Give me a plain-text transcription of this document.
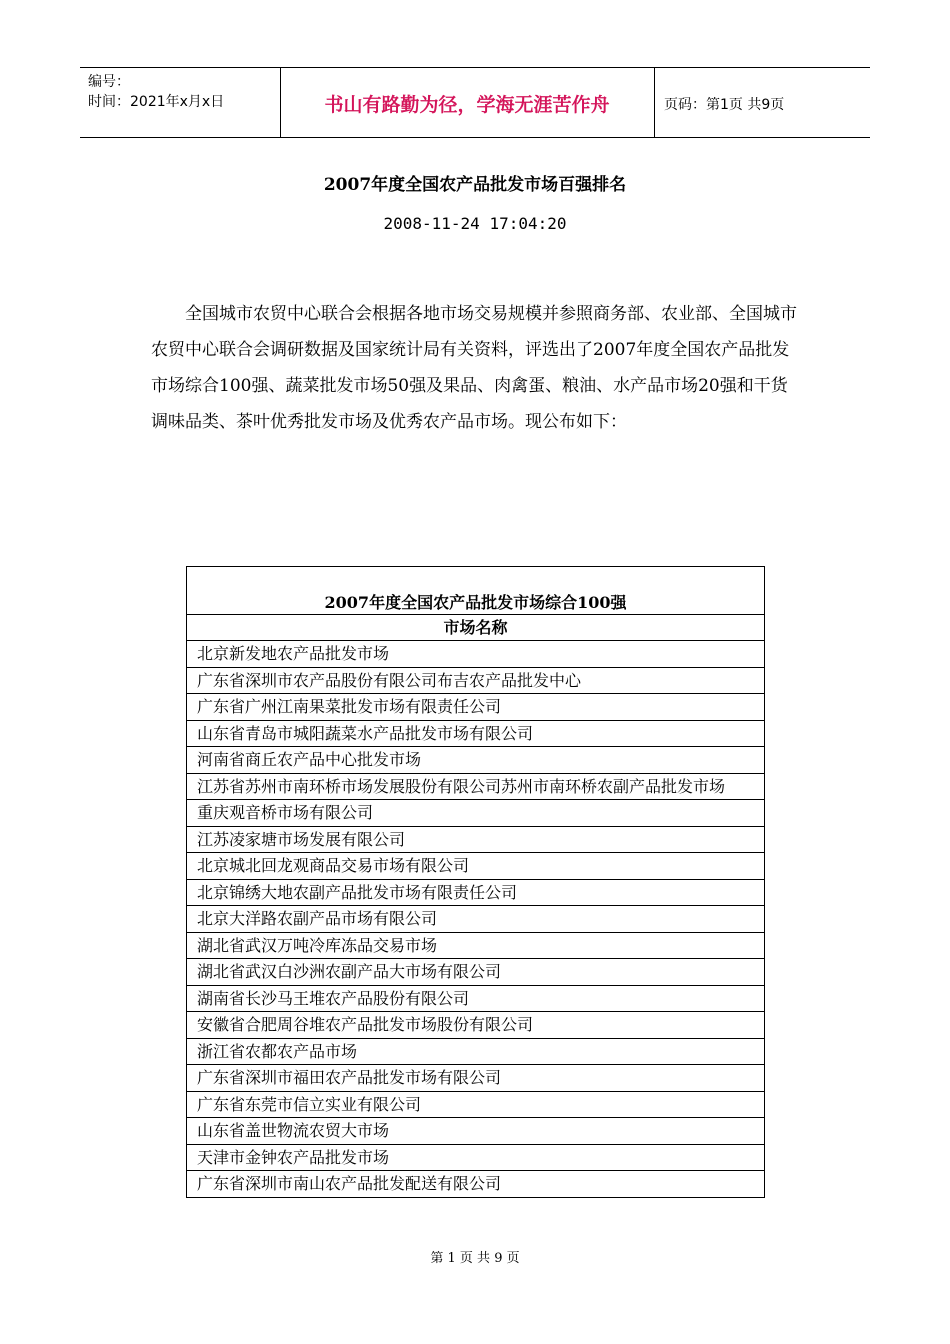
编号：
时间：2021年x月x日	书山有路勤为径，学海无涯苦作舟	页码：第1页 共9页
2007年度全国农产品批发市场百强排名
2008-11-24 17:04:20
全国城市农贸中心联合会根据各地市场交易规模并参照商务部、农业部、全国城市农贸中心联合会调研数据及国家统计局有关资料，评选出了2007年度全国农产品批发市场综合100强、蔬菜批发市场50强及果品、肉禽蛋、粮油、水产品市场20强和干货调味品类、茶叶优秀批发市场及优秀农产品市场。现公布如下：
2007年度全国农产品批发市场综合100强
市场名称
北京新发地农产品批发市场
广东省深圳市农产品股份有限公司布吉农产品批发中心
广东省广州江南果菜批发市场有限责任公司
山东省青岛市城阳蔬菜水产品批发市场有限公司
河南省商丘农产品中心批发市场
江苏省苏州市南环桥市场发展股份有限公司苏州市南环桥农副产品批发市场
重庆观音桥市场有限公司
江苏凌家塘市场发展有限公司
北京城北回龙观商品交易市场有限公司
北京锦绣大地农副产品批发市场有限责任公司
北京大洋路农副产品市场有限公司
湖北省武汉万吨冷库冻品交易市场
湖北省武汉白沙洲农副产品大市场有限公司
湖南省长沙马王堆农产品股份有限公司
安徽省合肥周谷堆农产品批发市场股份有限公司
浙江省农都农产品市场
广东省深圳市福田农产品批发市场有限公司
广东省东莞市信立实业有限公司
山东省盖世物流农贸大市场
天津市金钟农产品批发市场
广东省深圳市南山农产品批发配送有限公司
第 1 页 共 9 页
